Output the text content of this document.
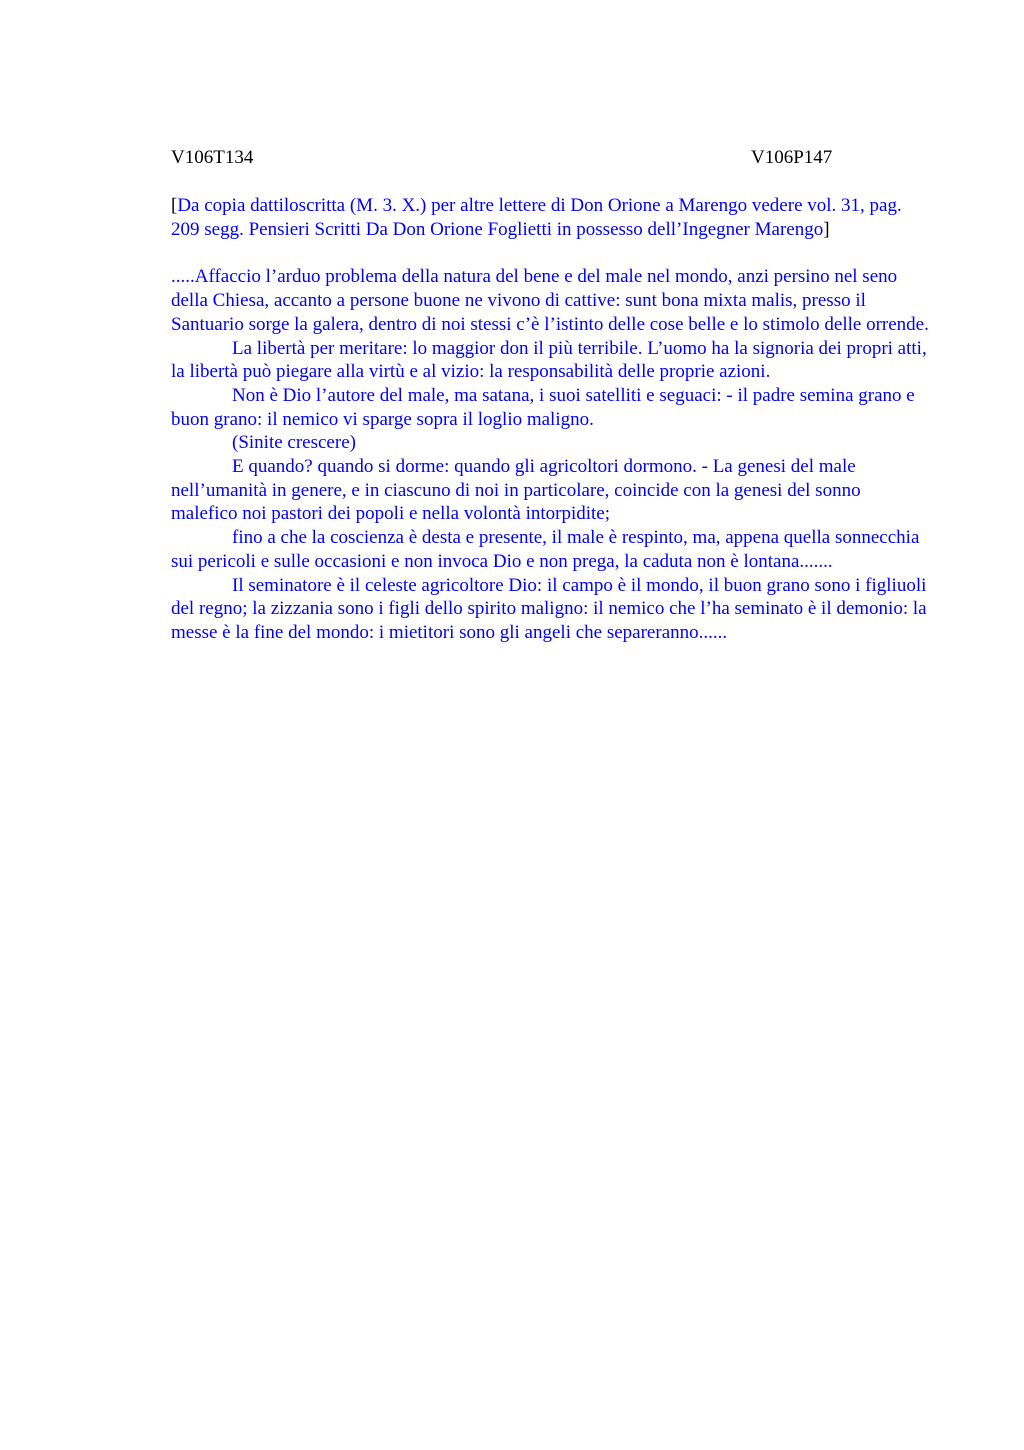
V106T134	V106P147
[Da copia dattiloscritta (M. 3. X.) per altre lettere di Don Orione a Marengo vedere vol. 31, pag. 209 segg. Pensieri Scritti Da Don Orione Foglietti in possesso dell’Ingegner Marengo]

.....Affaccio l’arduo problema della natura del bene e del male nel mondo, anzi persino nel seno della Chiesa, accanto a persone buone ne vivono di cattive: sunt bona mixta malis, presso il Santuario sorge la galera, dentro di noi stessi c’è l’istinto delle cose belle e lo stimolo delle orrende.

La libertà per meritare: lo maggior don il più terribile. L’uomo ha la signoria dei propri atti, la libertà può piegare alla virtù e al vizio: la responsabilità delle proprie azioni.

Non è Dio l’autore del male, ma satana, i suoi satelliti e seguaci: - il padre semina grano e buon grano: il nemico vi sparge sopra il loglio maligno.

(Sinite crescere)

E quando? quando si dorme: quando gli agricoltori dormono. - La genesi del male nell’umanità in genere, e in ciascuno di noi in particolare, coincide con la genesi del sonno malefico noi pastori dei popoli e nella volontà intorpidite;

fino a che la coscienza è desta e presente, il male è respinto, ma, appena quella sonnecchia sui pericoli e sulle occasioni e non invoca Dio e non prega, la caduta non è lontana.......

Il seminatore è il celeste agricoltore Dio: il campo è il mondo, il buon grano sono i figliuoli del regno; la zizzania sono i figli dello spirito maligno: il nemico che l’ha seminato è il demonio: la messe è la fine del mondo: i mietitori sono gli angeli che separeranno......
